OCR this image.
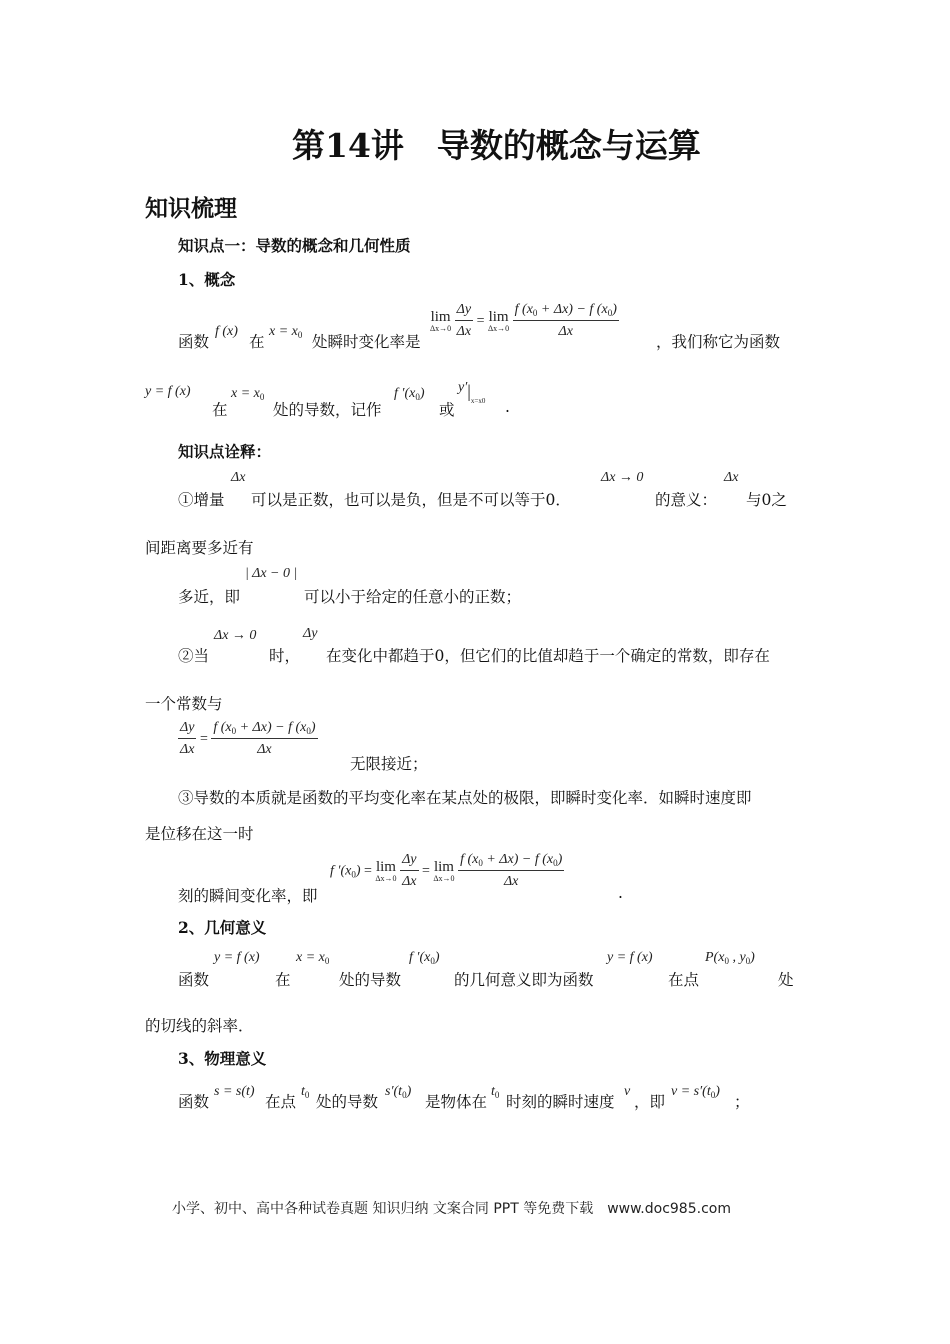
第14讲　导数的概念与运算
知识梳理
知识点一：导数的概念和几何性质
1、概念
函数
f (x)
在
$x = x_0$ 处瞬时变化率是
lim
Δx→0
$\frac{\Delta y}{\Delta x} = \lim$
Δx→0
$\frac{f (x_0 + \Delta x) - f (x_0)}{\Delta x}$
，我们称它为函数
y = f (x)
在
$x = x_0$
处的导数，记作
f $'(x_0)$
或
$y'|_{x=x0}$ .
知识点诠释：
①增量
Δx
可以是正数，也可以是负，但是不可以等于0．
Δx → 0
的意义：
Δx
与0之
间距离要多近有
多近，即
| Δx − 0 |
可以小于给定的任意小的正数；
②当
Δx → 0
时，
Δy
在变化中都趋于0，但它们的比值却趋于一个确定的常数，即存在
一个常数与
$\frac{\Delta y}{\Delta x} = \frac{f (x_0 + \Delta x) - f (x_0)}{\Delta x}$
无限接近；
③导数的本质就是函数的平均变化率在某点处的极限，即瞬时变化率．如瞬时速度即
是位移在这一时
刻的瞬间变化率，即
f $'(x_0) = \lim$
Δx→0
$\frac{\Delta y}{\Delta x} = \lim$
Δx→0
$\frac{f (x_0 + \Delta x) - f (x_0)}{\Delta x}$
.
2、几何意义
函数
y = f (x)
在
$x = x_0$
处的导数
f $'(x_0)$
的几何意义即为函数
y = f (x)
在点
$P(x_0$ , $y_0$)
处
的切线的斜率．
3、物理意义
函数
s = s(t)
在点
$t_0$ 处的导数
$s'(t_0)$
是物体在
$t_0$ 时刻的瞬时速度
v
，即
$v = s'(t_0)$
；
小学、初中、高中各种试卷真题 知识归纳 文案合同 PPT 等免费下载　www.doc985.com
